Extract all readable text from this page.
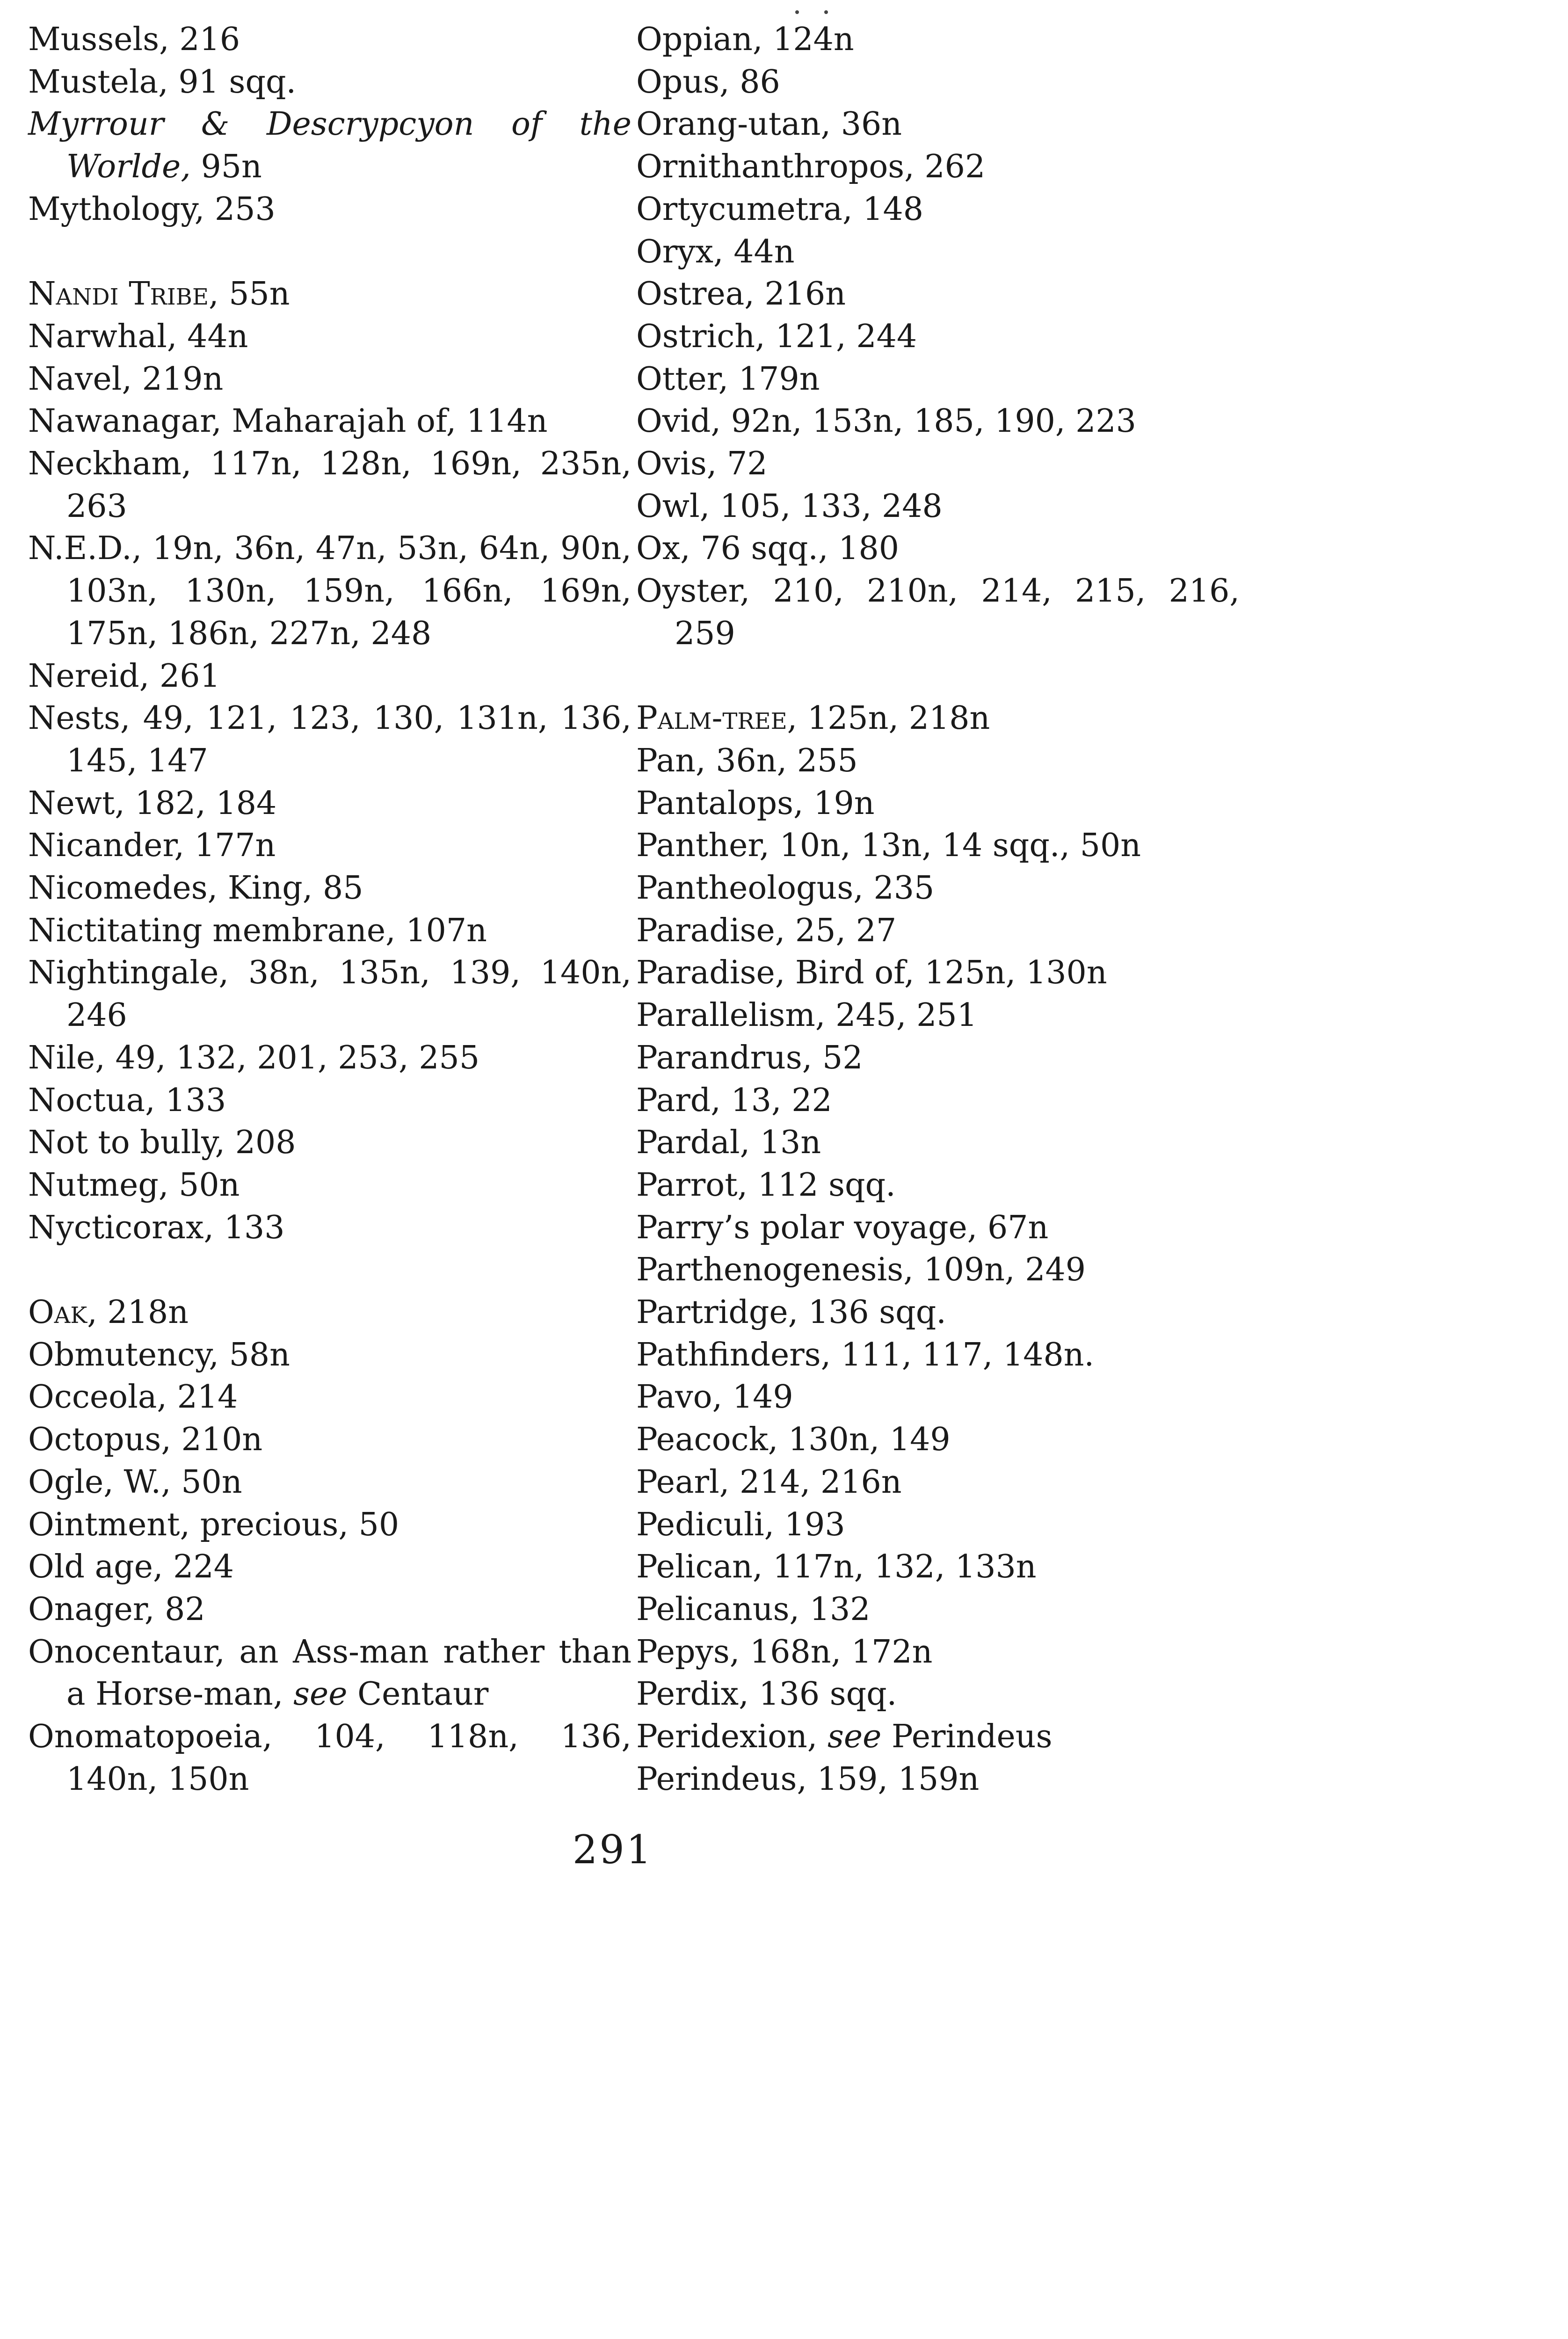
Mussels, 216
Mustela, 91 sqq.
Myrrour & Descrypcyon of the Worlde, 95n
Mythology, 253
Nandi Tribe, 55n
Narwhal, 44n
Navel, 219n
Nawanagar, Maharajah of, 114n
Neckham, 117n, 128n, 169n, 235n, 263
N.E.D., 19n, 36n, 47n, 53n, 64n, 90n, 103n, 130n, 159n, 166n, 169n, 175n, 186n, 227n, 248
Nereid, 261
Nests, 49, 121, 123, 130, 131n, 136, 145, 147
Newt, 182, 184
Nicander, 177n
Nicomedes, King, 85
Nictitating membrane, 107n
Nightingale, 38n, 135n, 139, 140n, 246
Nile, 49, 132, 201, 253, 255
Noctua, 133
Not to bully, 208
Nutmeg, 50n
Nycticorax, 133
Oak, 218n
Obmutency, 58n
Occeola, 214
Octopus, 210n
Ogle, W., 50n
Ointment, precious, 50
Old age, 224
Onager, 82
Onocentaur, an Ass-man rather than a Horse-man, see Centaur
Onomatopoeia, 104, 118n, 136, 140n, 150n
Oppian, 124n
Opus, 86
Orang-utan, 36n
Ornithanthropos, 262
Ortycumetra, 148
Oryx, 44n
Ostrea, 216n
Ostrich, 121, 244
Otter, 179n
Ovid, 92n, 153n, 185, 190, 223
Ovis, 72
Owl, 105, 133, 248
Ox, 76 sqq., 180
Oyster, 210, 210n, 214, 215, 216, 259
Palm-tree, 125n, 218n
Pan, 36n, 255
Pantalops, 19n
Panther, 10n, 13n, 14 sqq., 50n
Pantheologus, 235
Paradise, 25, 27
Paradise, Bird of, 125n, 130n
Parallelism, 245, 251
Parandrus, 52
Pard, 13, 22
Pardal, 13n
Parrot, 112 sqq.
Parry’s polar voyage, 67n
Parthenogenesis, 109n, 249
Partridge, 136 sqq.
Pathfinders, 111, 117, 148n.
Pavo, 149
Peacock, 130n, 149
Pearl, 214, 216n
Pediculi, 193
Pelican, 117n, 132, 133n
Pelicanus, 132
Pepys, 168n, 172n
Perdix, 136 sqq.
Peridexion, see Perindeus
Perindeus, 159, 159n
291
